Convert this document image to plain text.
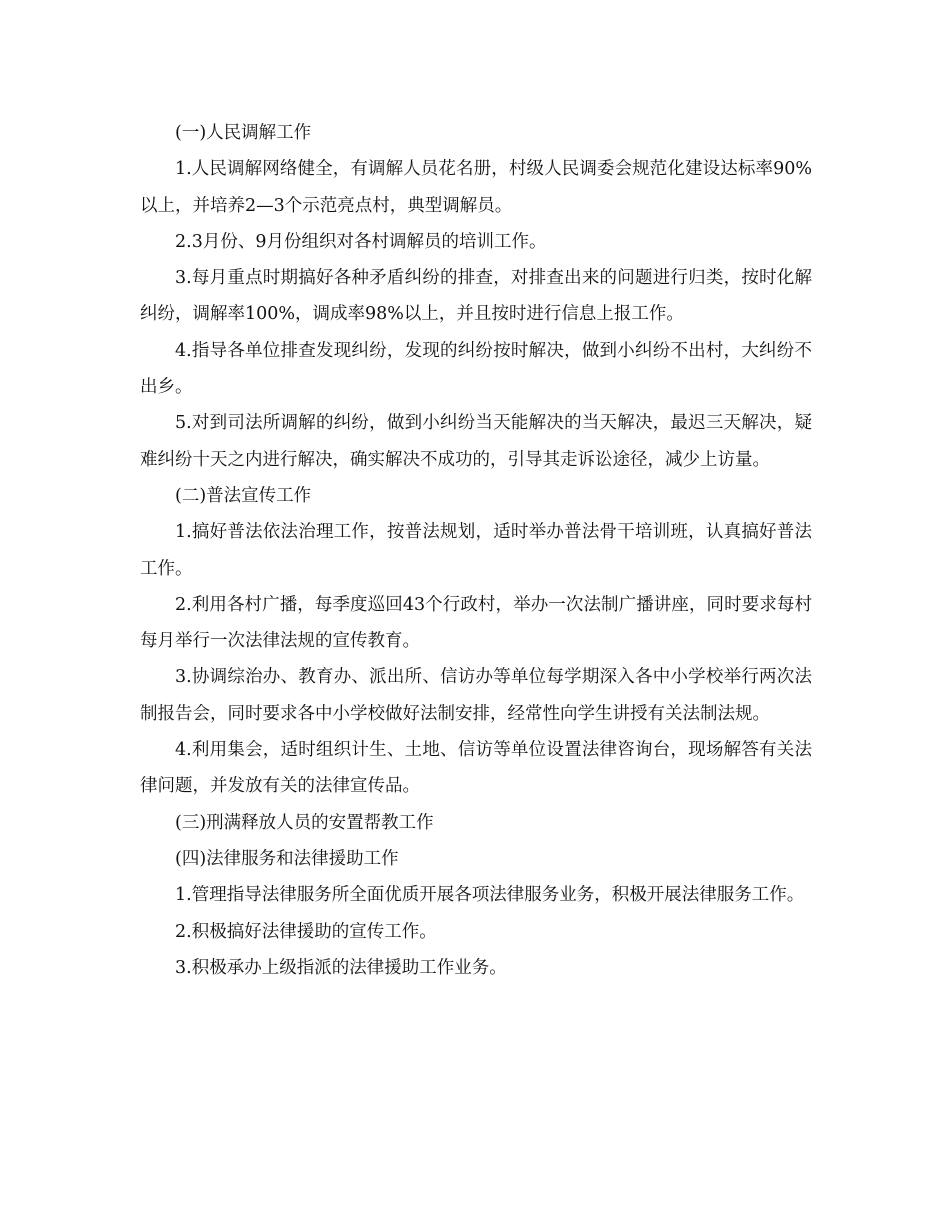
(一)人民调解工作

1.人民调解网络健全，有调解人员花名册，村级人民调委会规范化建设达标率90%以上，并培养2—3个示范亮点村，典型调解员。

2.3月份、9月份组织对各村调解员的培训工作。

3.每月重点时期搞好各种矛盾纠纷的排查，对排查出来的问题进行归类，按时化解纠纷，调解率100%，调成率98%以上，并且按时进行信息上报工作。

4.指导各单位排查发现纠纷，发现的纠纷按时解决，做到小纠纷不出村，大纠纷不出乡。

5.对到司法所调解的纠纷，做到小纠纷当天能解决的当天解决，最迟三天解决，疑难纠纷十天之内进行解决，确实解决不成功的，引导其走诉讼途径，减少上访量。

(二)普法宣传工作

1.搞好普法依法治理工作，按普法规划，适时举办普法骨干培训班，认真搞好普法工作。

2.利用各村广播，每季度巡回43个行政村，举办一次法制广播讲座，同时要求每村每月举行一次法律法规的宣传教育。

3.协调综治办、教育办、派出所、信访办等单位每学期深入各中小学校举行两次法制报告会，同时要求各中小学校做好法制安排，经常性向学生讲授有关法制法规。

4.利用集会，适时组织计生、土地、信访等单位设置法律咨询台，现场解答有关法律问题，并发放有关的法律宣传品。

(三)刑满释放人员的安置帮教工作

(四)法律服务和法律援助工作

1.管理指导法律服务所全面优质开展各项法律服务业务，积极开展法律服务工作。

2.积极搞好法律援助的宣传工作。

3.积极承办上级指派的法律援助工作业务。
